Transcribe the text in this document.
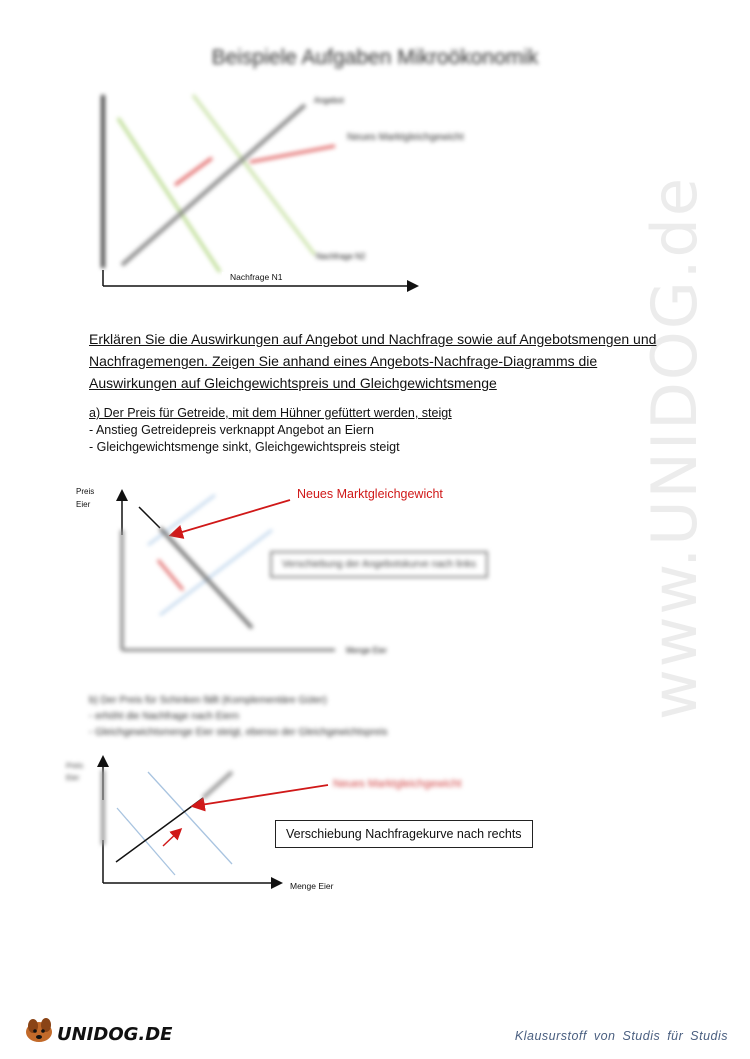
www.UNIDOG.de
Beispiele Aufgaben Mikroökonomik
Angebot
Neues Marktgleichgewicht
Nachfrage N2
Nachfrage N1
Erklären Sie die Auswirkungen auf Angebot und Nachfrage sowie auf Angebotsmengen und
Nachfragemengen. Zeigen Sie anhand eines Angebots-Nachfrage-Diagramms die
Auswirkungen auf Gleichgewichtspreis und Gleichgewichtsmenge
a) Der Preis für Getreide, mit dem Hühner gefüttert werden, steigt
- Anstieg Getreidepreis verknappt Angebot an Eiern
- Gleichgewichtsmenge sinkt, Gleichgewichtspreis steigt
Preis
Eier
Neues Marktgleichgewicht
Verschiebung der Angebotskurve nach links
Menge Eier
b) Der Preis für Schinken fällt (Komplementäre Güter)
- erhöht die Nachfrage nach Eiern
- Gleichgewichtsmenge Eier steigt, ebenso der Gleichgewichtspreis
Preis
Eier
Neues Marktgleichgewicht
Verschiebung Nachfragekurve nach rechts
Menge Eier
UNIDOG.DE	Klausurstoff von Studis für Studis
